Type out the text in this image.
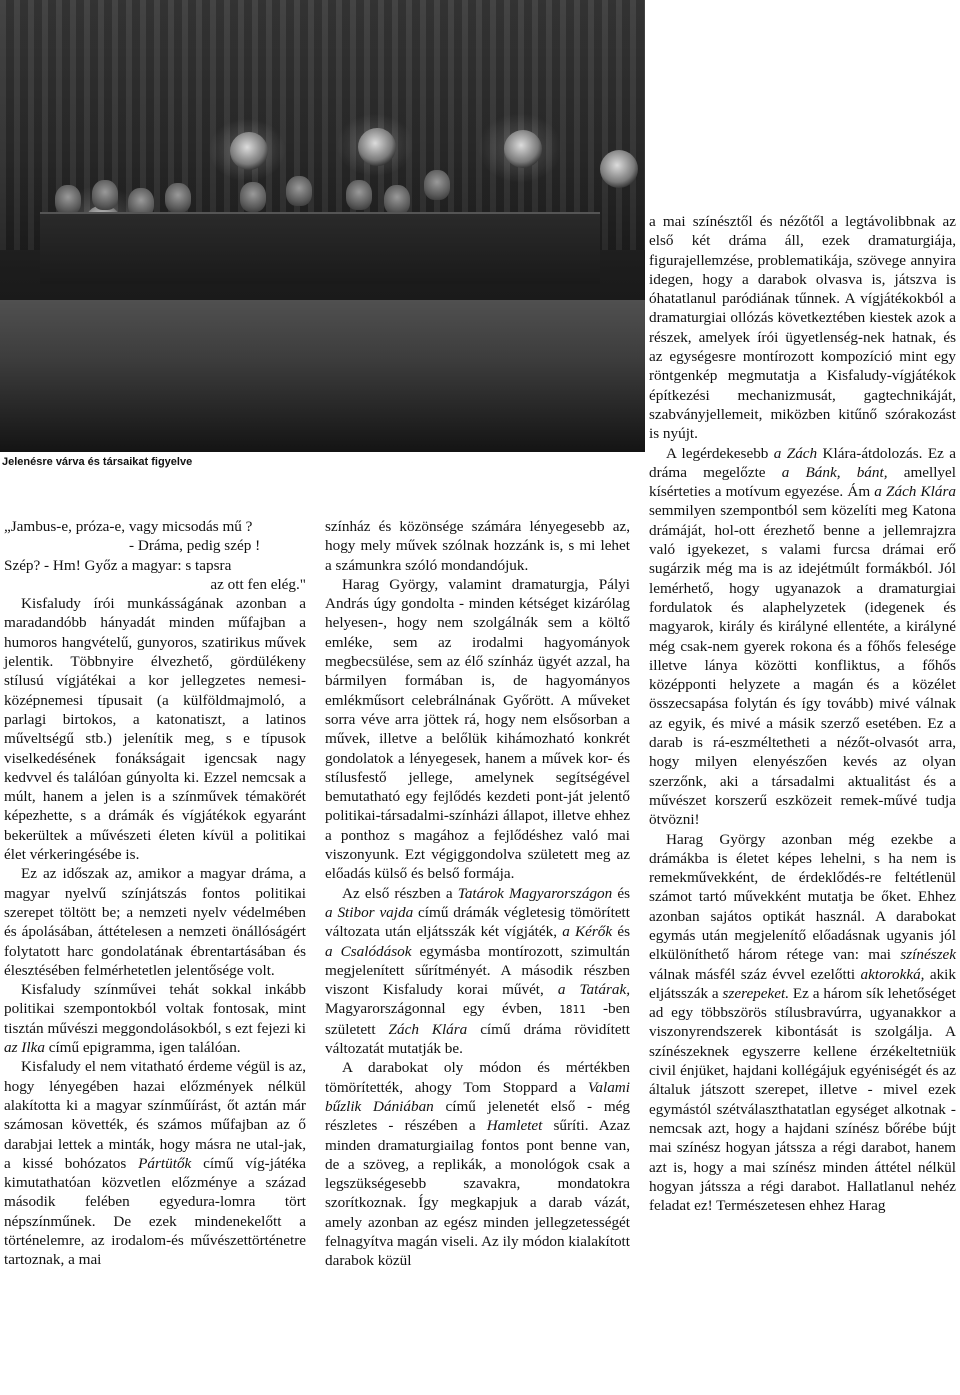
Jelenésre várva és társaikat figyelve

„Jambus-e, próza-e, vagy micsodás mű ?

- Dráma, pedig szép !

Szép? - Hm! Győz a magyar: s tapsra

az ott fen elég."

Kisfaludy írói munkásságának azonban a maradandóbb hányadát minden műfajban a humoros hangvételű, gunyoros, szatirikus művek jelentik. Többnyire élvezhető, gördülékeny stílusú vígjátékai a kor jellegzetes nemesi-középnemesi típusait (a külföldmajmoló, a parlagi birtokos, a katonatiszt, a latinos műveltségű stb.) jelenítik meg, s e típusok viselkedésének fonákságait igencsak nagy kedvvel és találóan gúnyolta ki. Ezzel nemcsak a múlt, hanem a jelen is a színművek témakörét képezhette, s a drámák és vígjátékok egyaránt bekerültek a művészeti életen kívül a politikai élet vérkeringésébe is.

Ez az időszak az, amikor a magyar dráma, a magyar nyelvű színjátszás fontos politikai szerepet töltött be; a nemzeti nyelv védelmében és ápolásában, áttételesen a nemzeti önállóságért folytatott harc gondolatának ébrentartásában és élesztésében felmérhetetlen jelentősége volt.

Kisfaludy színművei tehát sokkal inkább politikai szempontokból voltak fontosak, mint tisztán művészi meggondolásokból, s ezt fejezi ki az Ilka című epigramma, igen találóan.

Kisfaludy el nem vitatható érdeme végül is az, hogy lényegében hazai előzmények nélkül alakította ki a magyar színműírást, őt aztán már számosan követték, és számos műfajban az ő darabjai lettek a minták, hogy másra ne utal-jak, a kissé bohózatos Pártütők című víg-játéka kimutathatóan közvetlen előzménye a század második felében egyedura-lomra tört népszínműnek. De ezek mindenekelőtt a történelemre, az irodalom-és művészettörténetre tartoznak, a mai

színház és közönsége számára lényegesebb az, hogy mely művek szólnak hozzánk is, s mi lehet a számunkra szóló mondandójuk.

Harag György, valamint dramaturgja, Pályi András úgy gondolta - minden kétséget kizárólag helyesen-, hogy nem szolgálnák sem a költő emléke, sem az irodalmi hagyományok megbecsülése, sem az élő színház ügyét azzal, ha bármilyen formában is, de hagyományos emlékműsort celebrálnának Győrött. A műveket sorra véve arra jöttek rá, hogy nem elsősorban a művek, illetve a belőlük kihámozható konkrét gondolatok a lényegesek, hanem a művek kor- és stílusfestő jellege, amelynek segítségével bemutatható egy fejlődés kezdeti pont-ját jelentő politikai-társadalmi-színházi állapot, illetve ehhez a ponthoz s magához a fejlődéshez való mai viszonyunk. Ezt végiggondolva született meg az előadás külső és belső formája.

Az első részben a Tatárok Magyarországon és a Stibor vajda című drámák végletesig tömörített változata után eljátsszák két vígjáték, a Kérők és a Csalódások egymásba montírozott, szimultán megjelenített sűrítményét. A második részben viszont Kisfaludy korai művét, a Tatárak, Magyarországonnal egy évben, 1811 -ben született Zách Klára című dráma rövidített változatát mutatják be.

A darabokat oly módon és mértékben tömörítették, ahogy Tom Stoppard a Valami bűzlik Dániában című jelenetét első - még részletes - részében a Hamletet sűríti. Azaz minden dramaturgiailag fontos pont benne van, de a szöveg, a replikák, a monológok csak a legszükségesebb szavakra, mondatokra szorítkoznak. Így megkapjuk a darab vázát, amely azonban az egész minden jellegzetességét felnagyítva magán viseli. Az ily módon kialakított darabok közül

a mai színésztől és nézőtől a legtávolibbnak az első két dráma áll, ezek dramaturgiája, figurajellemzése, problematikája, szövege annyira idegen, hogy a darabok olvasva is, játszva is óhatatlanul paródiának tűnnek. A vígjátékokból a dramaturgiai ollózás következtében kiestek azok a részek, amelyek írói ügyetlenség-nek hatnak, és az egységesre montírozott kompozíció mint egy röntgenkép megmutatja a Kisfaludy-vígjátékok építkezési mechanizmusát, gagtechnikáját, szabványjellemeit, miközben kitűnő szórakozást is nyújt.

A legérdekesebb a Zách Klára-átdolozás. Ez a dráma megelőzte a Bánk, bánt, amellyel kísérteties a motívum egyezése. Ám a Zách Klára semmilyen szempontból sem közelíti meg Katona drámáját, hol-ott érezhető benne a jellemrajzra való igyekezet, s valami furcsa drámai erő sugárzik még ma is az idejétmúlt formákból. Jól lemérhető, hogy ugyanazok a dramaturgiai fordulatok és alaphelyzetek (idegenek és magyarok, király és királyné ellentéte, a királyné még csak-nem gyerek rokona és a főhős felesége illetve lánya közötti konfliktus, a főhős középponti helyzete a magán és a közélet összecsapása folytán és így tovább) mivé válnak az egyik, és mivé a másik szerző esetében. Ez a darab is rá-eszméltetheti a nézőt-olvasót arra, hogy milyen elenyészően kevés az olyan szerzőnk, aki a társadalmi aktualitást és a művészet korszerű eszközeit remek-művé tudja ötvözni!

Harag György azonban még ezekbe a drámákba is életet képes lehelni, s ha nem is remekművekként, de érdeklődés-re feltétlenül számot tartó művekként mutatja be őket. Ehhez azonban sajátos optikát használ. A darabokat egymás után megjelenítő előadásnak ugyanis jól elkülöníthető három rétege van: mai színészek válnak másfél száz évvel ezelőtti aktorokká, akik eljátsszák a szerepeket. Ez a három sík lehetőséget ad egy többszörös stílusbravúrra, ugyanakkor a viszonyrendszerek kibontását is szolgálja. A színészeknek egyszerre kellene érzékeltetniük civil énjüket, hajdani kollégájuk egyéniségét és az általuk játszott szerepet, illetve - mivel ezek egymástól szétválaszthatatlan egységet alkotnak - nemcsak azt, hogy a hajdani színész bőrébe bújt mai színész hogyan játssza a régi darabot, hanem azt is, hogy a mai színész minden áttétel nélkül hogyan játssza a régi darabot. Hallatlanul nehéz feladat ez! Természetesen ehhez Harag
